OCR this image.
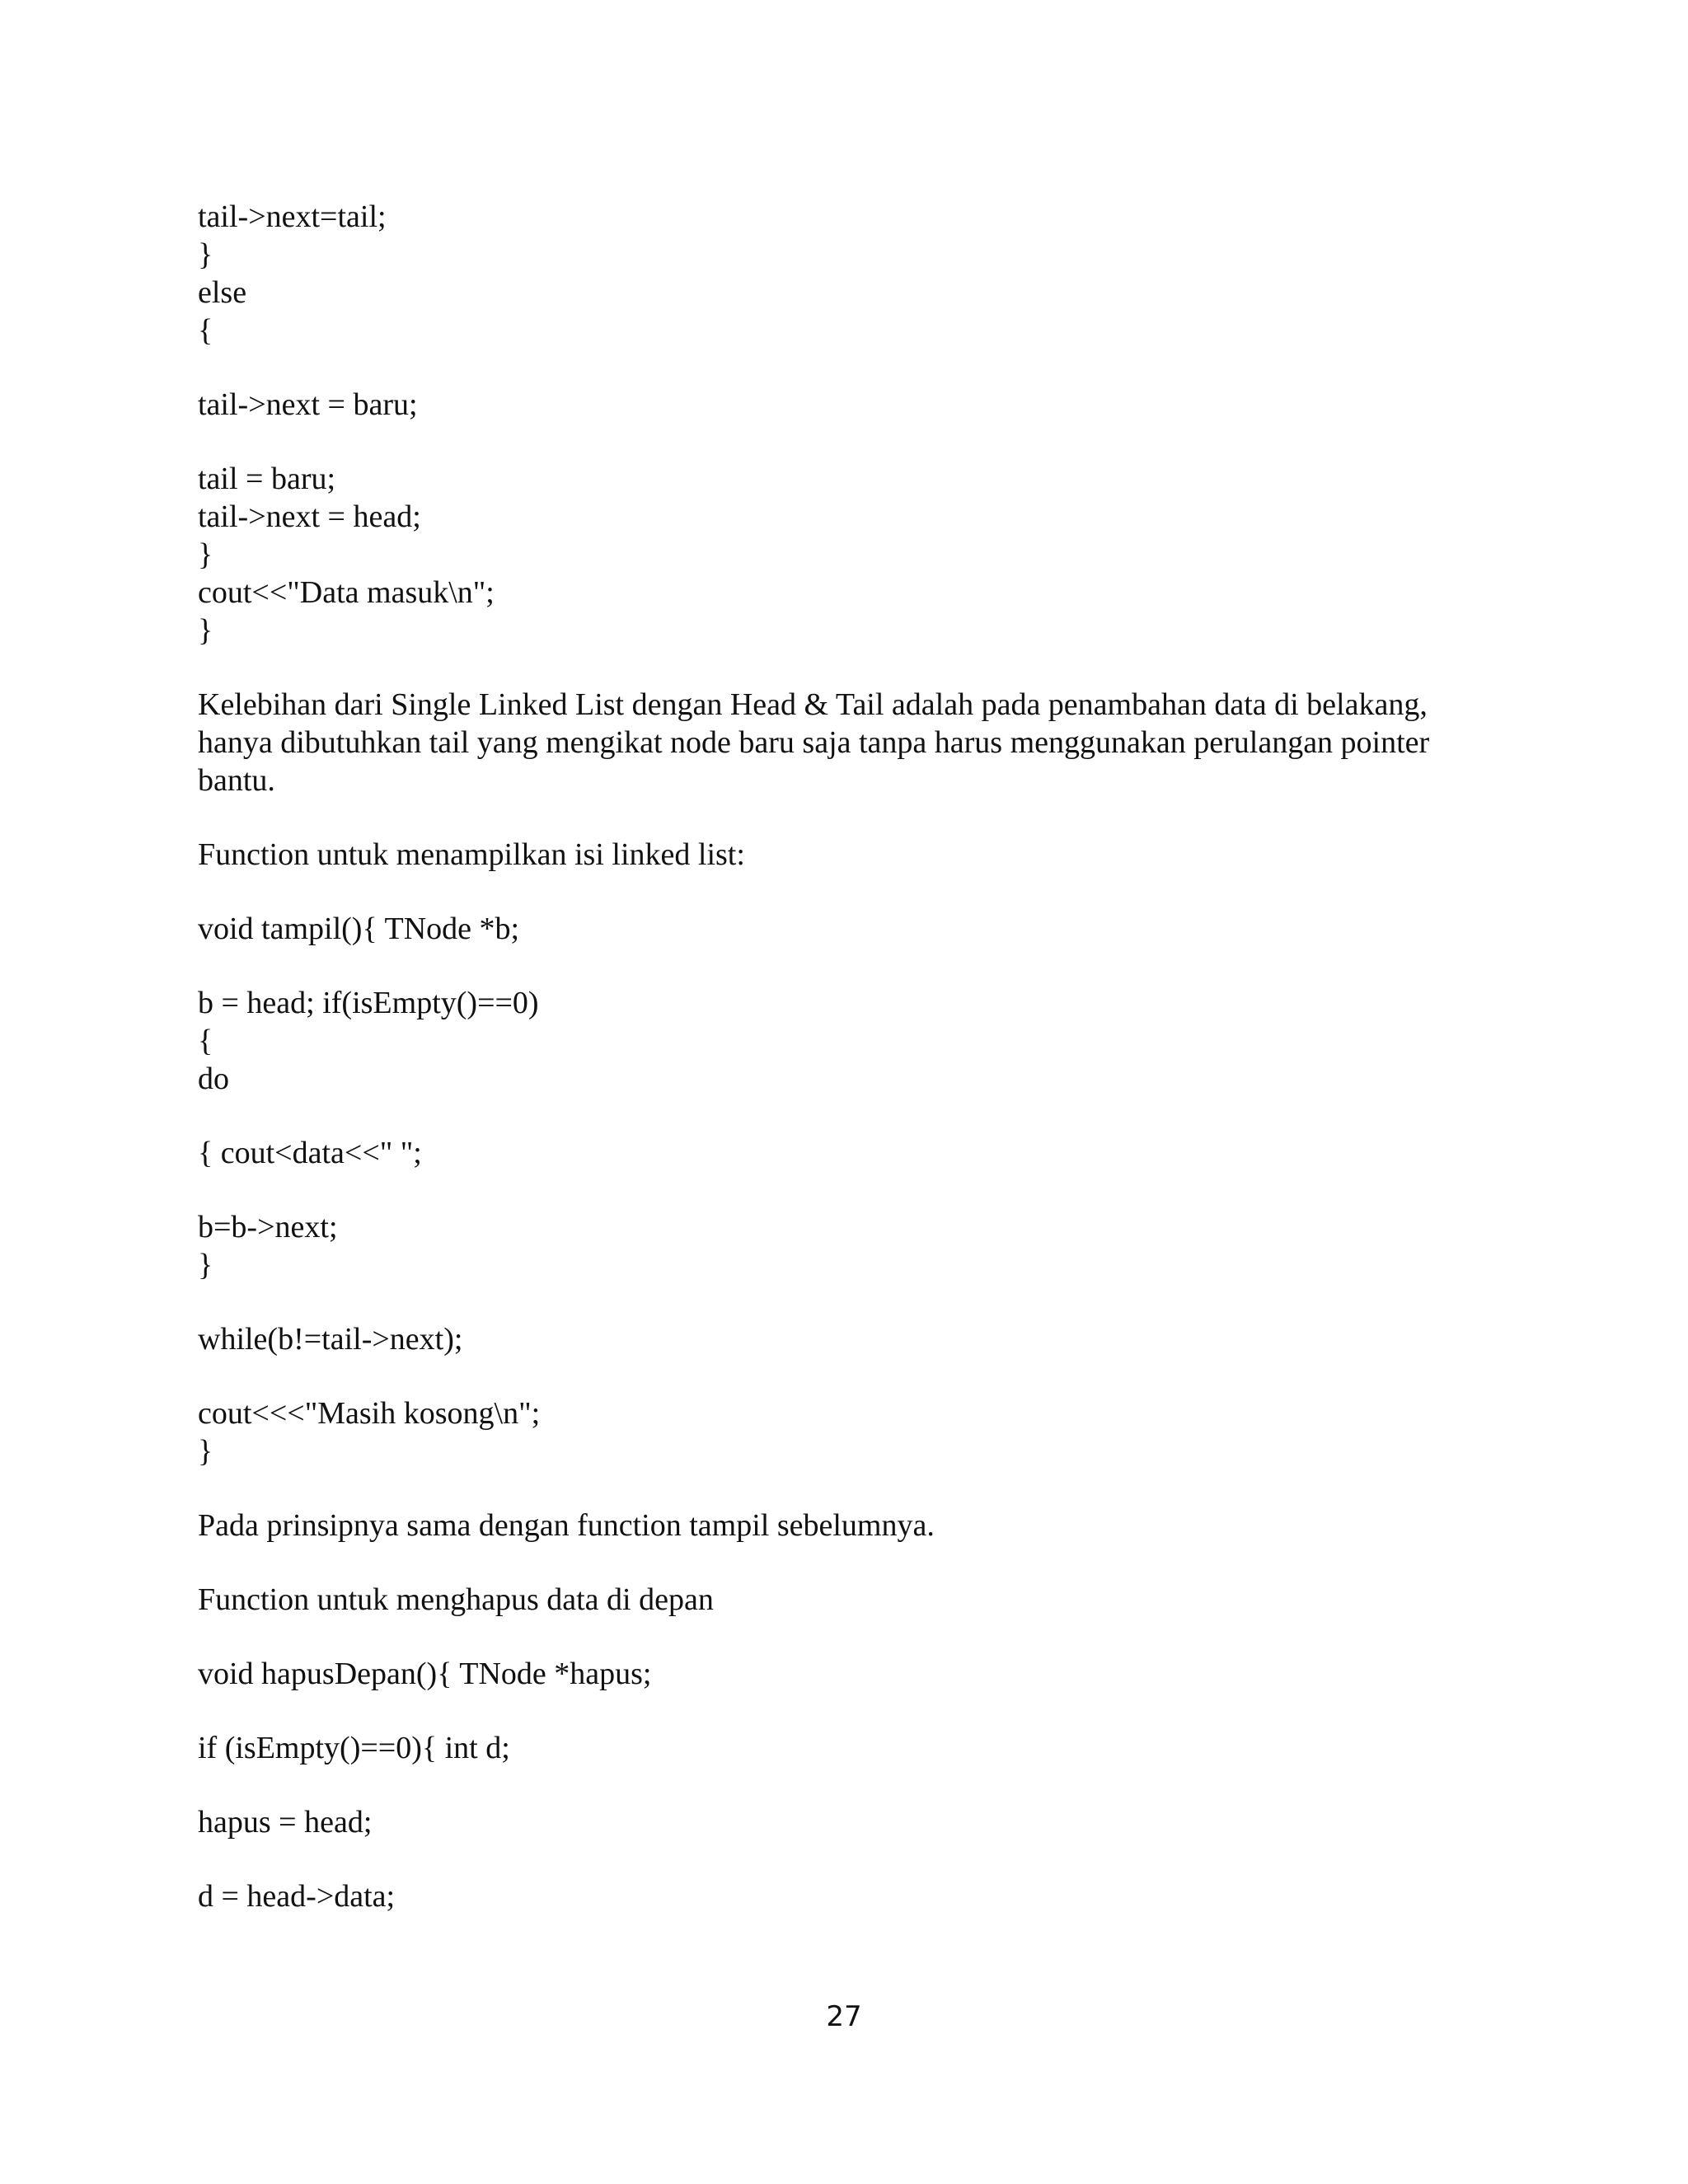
tail->next=tail;

}

else

{

tail->next = baru;

tail = baru;

tail->next = head;

}

cout<<"Data masuk\n";

}

Kelebihan dari Single Linked List dengan Head & Tail adalah pada penambahan data di belakang,

hanya dibutuhkan tail yang mengikat node baru saja tanpa harus menggunakan perulangan pointer

bantu.

Function untuk menampilkan isi linked list:

void tampil(){ TNode *b;

b = head; if(isEmpty()==0)

{

do

{ cout<data<<" ";

b=b->next;

}

while(b!=tail->next);

cout<<<"Masih kosong\n";

}

Pada prinsipnya sama dengan function tampil sebelumnya.

Function untuk menghapus data di depan

void hapusDepan(){ TNode *hapus;

if (isEmpty()==0){ int d;

hapus = head;

d = head->data;

27
